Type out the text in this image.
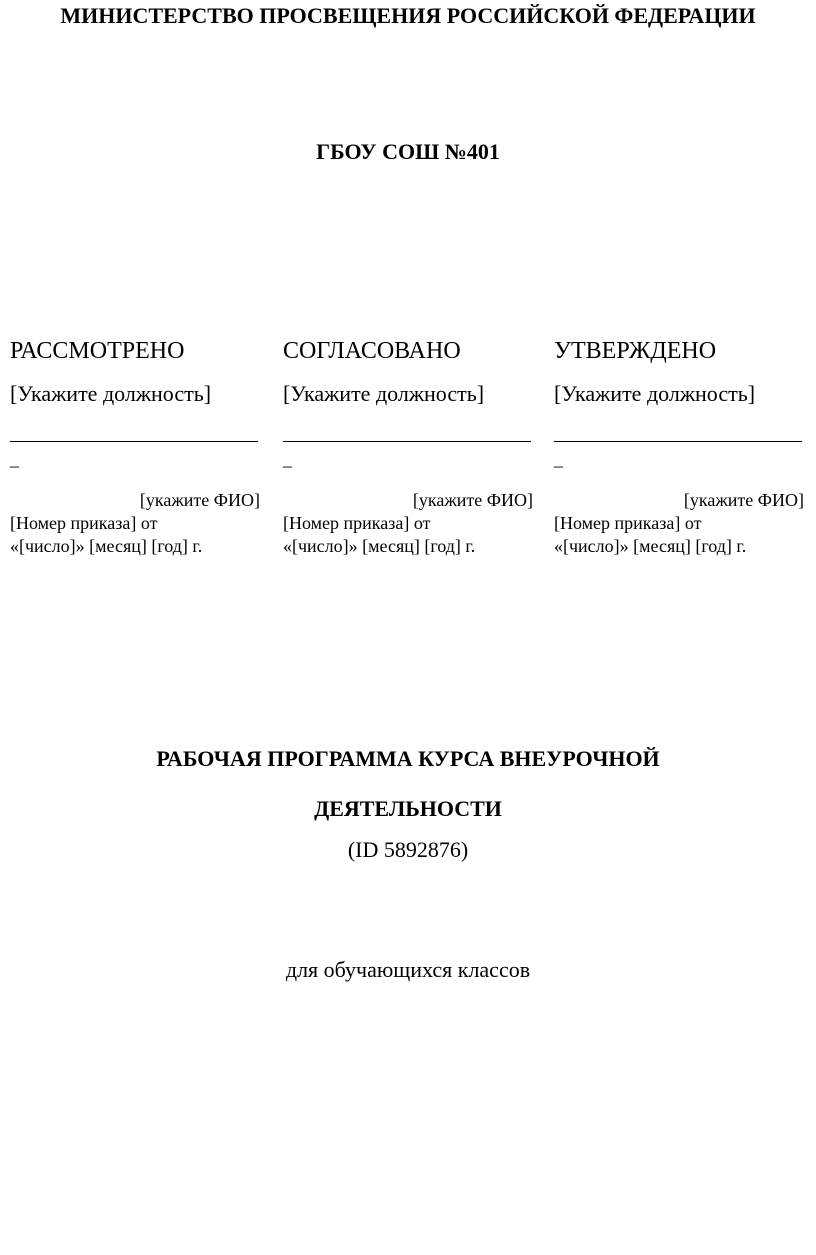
МИНИСТЕРСТВО ПРОСВЕЩЕНИЯ РОССИЙСКОЙ ФЕДЕРАЦИИ
ГБОУ СОШ №401
РАССМОТРЕНО
[Укажите должность]
_
[укажите ФИО]
[Номер приказа] от
«[число]» [месяц] [год] г.
СОГЛАСОВАНО
[Укажите должность]
_
[укажите ФИО]
[Номер приказа] от
«[число]» [месяц] [год] г.
УТВЕРЖДЕНО
[Укажите должность]
_
[укажите ФИО]
[Номер приказа] от
«[число]» [месяц] [год] г.
РАБОЧАЯ ПРОГРАММА КУРСА ВНЕУРОЧНОЙ
ДЕЯТЕЛЬНОСТИ
(ID 5892876)
для обучающихся классов
